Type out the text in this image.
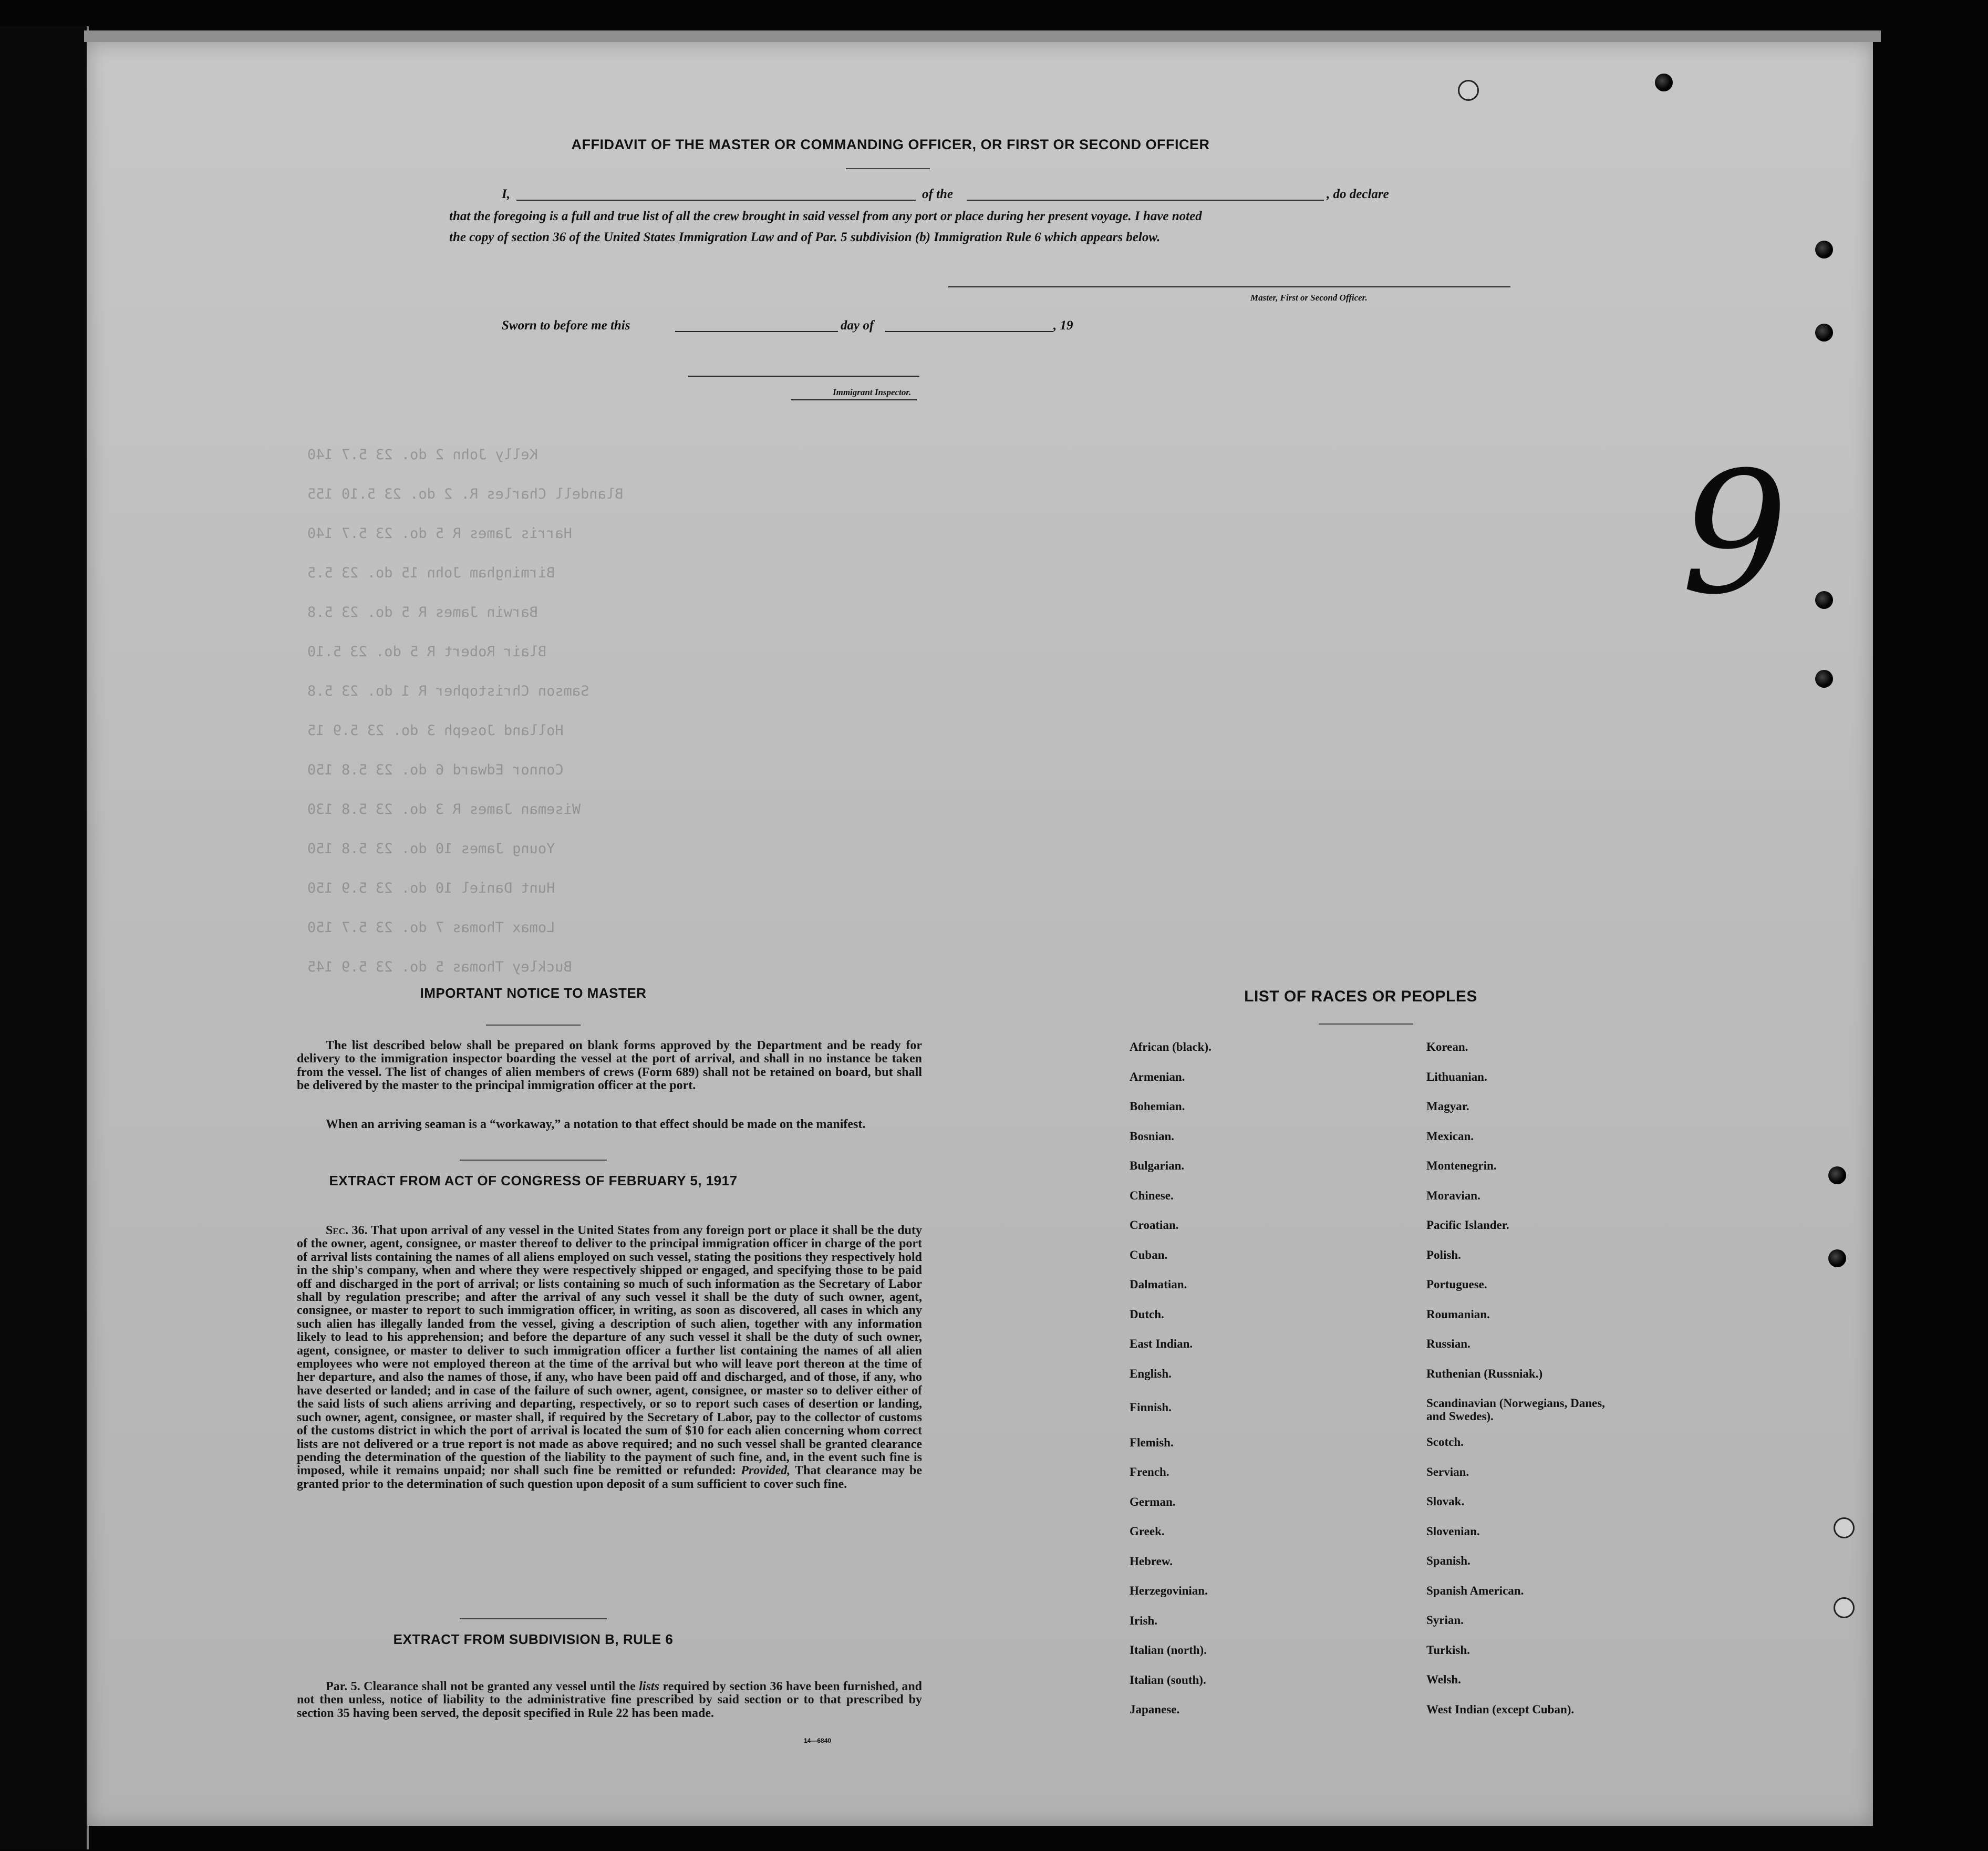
Kelly John 2 do. 23 5.7 140
Blandell Charles R. 2 do. 23 5.10 155
Harris James R 5 do. 23 5.7 140
Birmingham John 15 do. 23 5.5
Barwin James R 5 do. 23 5.8
Blair Robert R 5 do. 23 5.10
Samson Christopher R 1 do. 23 5.8
Holland Joseph 3 do. 23 5.9 15
Connor Edward 6 do. 23 5.8 150
Wiseman James R 3 do. 23 5.8 130
Young James 10 do. 23 5.8 150
Hunt Daniel 10 do. 23 5.9 150
Lomax Thomas 7 do. 23 5.7 150
Buckley Thomas 5 do. 23 5.9 145
AFFIDAVIT OF THE MASTER OR COMMANDING OFFICER, OR FIRST OR SECOND OFFICER
I,	of the	, do declare
that the foregoing is a full and true list of all the crew brought in said vessel from any port or place during her present voyage. I have noted
the copy of section 36 of the United States Immigration Law and of Par. 5 subdivision (b) Immigration Rule 6 which appears below.
Master, First or Second Officer.
Sworn to before me this	day of	, 19
Immigrant Inspector.
IMPORTANT NOTICE TO MASTER
The list described below shall be prepared on blank forms approved by the Department and be ready for delivery to the immigration inspector boarding the vessel at the port of arrival, and shall in no instance be taken from the vessel. The list of changes of alien members of crews (Form 689) shall not be retained on board, but shall be delivered by the master to the principal immigration officer at the port.
When an arriving seaman is a “workaway,” a notation to that effect should be made on the manifest.
EXTRACT FROM ACT OF CONGRESS OF FEBRUARY 5, 1917
Sec. 36. That upon arrival of any vessel in the United States from any foreign port or place it shall be the duty of the owner, agent, consignee, or master thereof to deliver to the principal immigration officer in charge of the port of arrival lists containing the names of all aliens employed on such vessel, stating the positions they respectively hold in the ship's company, when and where they were respectively shipped or engaged, and specifying those to be paid off and discharged in the port of arrival; or lists containing so much of such information as the Secretary of Labor shall by regulation prescribe; and after the arrival of any such vessel it shall be the duty of such owner, agent, consignee, or master to report to such immigration officer, in writing, as soon as discovered, all cases in which any such alien has illegally landed from the vessel, giving a description of such alien, together with any information likely to lead to his apprehension; and before the departure of any such vessel it shall be the duty of such owner, agent, consignee, or master to deliver to such immigration officer a further list containing the names of all alien employees who were not employed thereon at the time of the arrival but who will leave port thereon at the time of her departure, and also the names of those, if any, who have been paid off and discharged, and of those, if any, who have deserted or landed; and in case of the failure of such owner, agent, consignee, or master so to deliver either of the said lists of such aliens arriving and departing, respectively, or so to report such cases of desertion or landing, such owner, agent, consignee, or master shall, if required by the Secretary of Labor, pay to the collector of customs of the customs district in which the port of arrival is located the sum of $10 for each alien concerning whom correct lists are not delivered or a true report is not made as above required; and no such vessel shall be granted clearance pending the determination of the question of the liability to the payment of such fine, and, in the event such fine is imposed, while it remains unpaid; nor shall such fine be remitted or refunded: Provided, That clearance may be granted prior to the determination of such question upon deposit of a sum sufficient to cover such fine.
EXTRACT FROM SUBDIVISION B, RULE 6
Par. 5. Clearance shall not be granted any vessel until the lists required by section 36 have been furnished, and not then unless, notice of liability to the administrative fine prescribed by said section or to that prescribed by section 35 having been served, the deposit specified in Rule 22 has been made.
14—6840
LIST OF RACES OR PEOPLES
African (black).
Armenian.
Bohemian.
Bosnian.
Bulgarian.
Chinese.
Croatian.
Cuban.
Dalmatian.
Dutch.
East Indian.
English.
Finnish.
Flemish.
French.
German.
Greek.
Hebrew.
Herzegovinian.
Irish.
Italian (north).
Italian (south).
Japanese.
Korean.
Lithuanian.
Magyar.
Mexican.
Montenegrin.
Moravian.
Pacific Islander.
Polish.
Portuguese.
Roumanian.
Russian.
Ruthenian (Russniak.)
Scandinavian (Norwegians, Danes, and Swedes).
Scotch.
Servian.
Slovak.
Slovenian.
Spanish.
Spanish American.
Syrian.
Turkish.
Welsh.
West Indian (except Cuban).
9
